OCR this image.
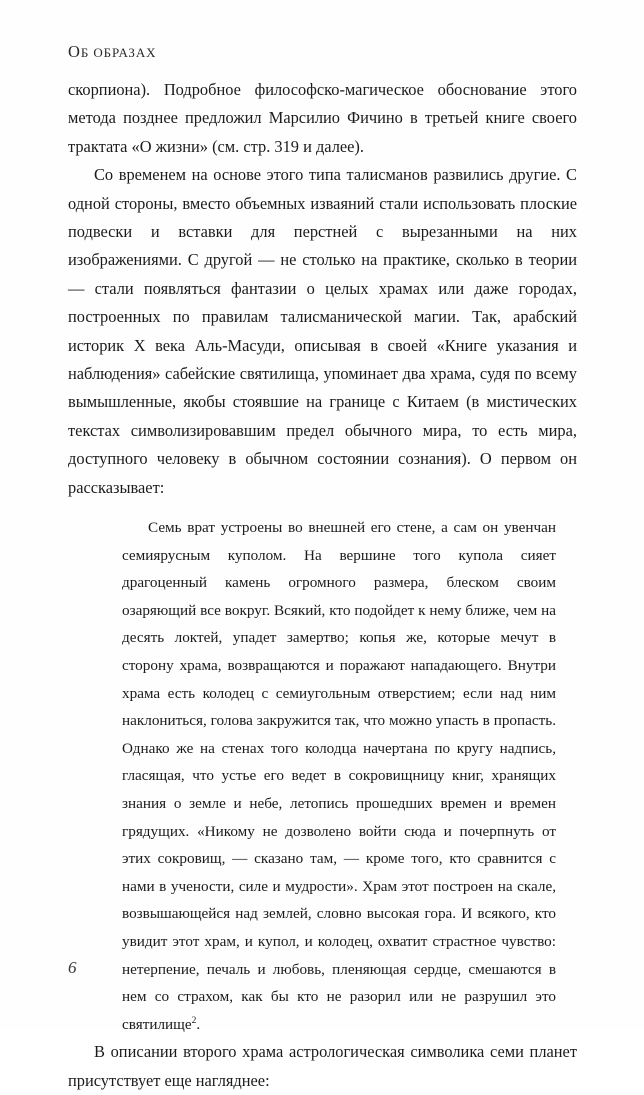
ОБ ОБРАЗАХ

скорпиона). Подробное философско-магическое обоснование этого метода позднее предложил Марсилио Фичино в третьей книге своего трактата «О жизни» (см. стр. 319 и далее).

Со временем на основе этого типа талисманов развились другие. С одной стороны, вместо объемных изваяний стали использовать плоские подвески и вставки для перстней с вырезанными на них изображениями. С другой — не столько на практике, сколько в теории — стали появляться фантазии о целых храмах или даже городах, построенных по правилам талисманической магии. Так, арабский историк X века Аль-Масуди, описывая в своей «Книге указания и наблюдения» сабейские святилища, упоминает два храма, судя по всему вымышленные, якобы стоявшие на границе с Китаем (в мистических текстах символизировавшим предел обычного мира, то есть мира, доступного человеку в обычном состоянии сознания). О первом он рассказывает:

Семь врат устроены во внешней его стене, а сам он увенчан семиярусным куполом. На вершине того купола сияет драгоценный камень огромного размера, блеском своим озаряющий все вокруг. Всякий, кто подойдет к нему ближе, чем на десять локтей, упадет замертво; копья же, которые мечут в сторону храма, возвращаются и поражают нападающего. Внутри храма есть колодец с семиугольным отверстием; если над ним наклониться, голова закружится так, что можно упасть в пропасть. Однако же на стенах того колодца начертана по кругу надпись, гласящая, что устье его ведет в сокровищницу книг, хранящих знания о земле и небе, летопись прошедших времен и времен грядущих. «Никому не дозволено войти сюда и почерпнуть от этих сокровищ, — сказано там, — кроме того, кто сравнится с нами в учености, силе и мудрости». Храм этот построен на скале, возвышающейся над землей, словно высокая гора. И всякого, кто увидит этот храм, и купол, и колодец, охватит страстное чувство: нетерпение, печаль и любовь, пленяющая сердце, смешаются в нем со страхом, как бы кто не разорил или не разрушил это святилище$^2$.

В описании второго храма астрологическая символика семи планет присутствует еще нагляднее:

6
